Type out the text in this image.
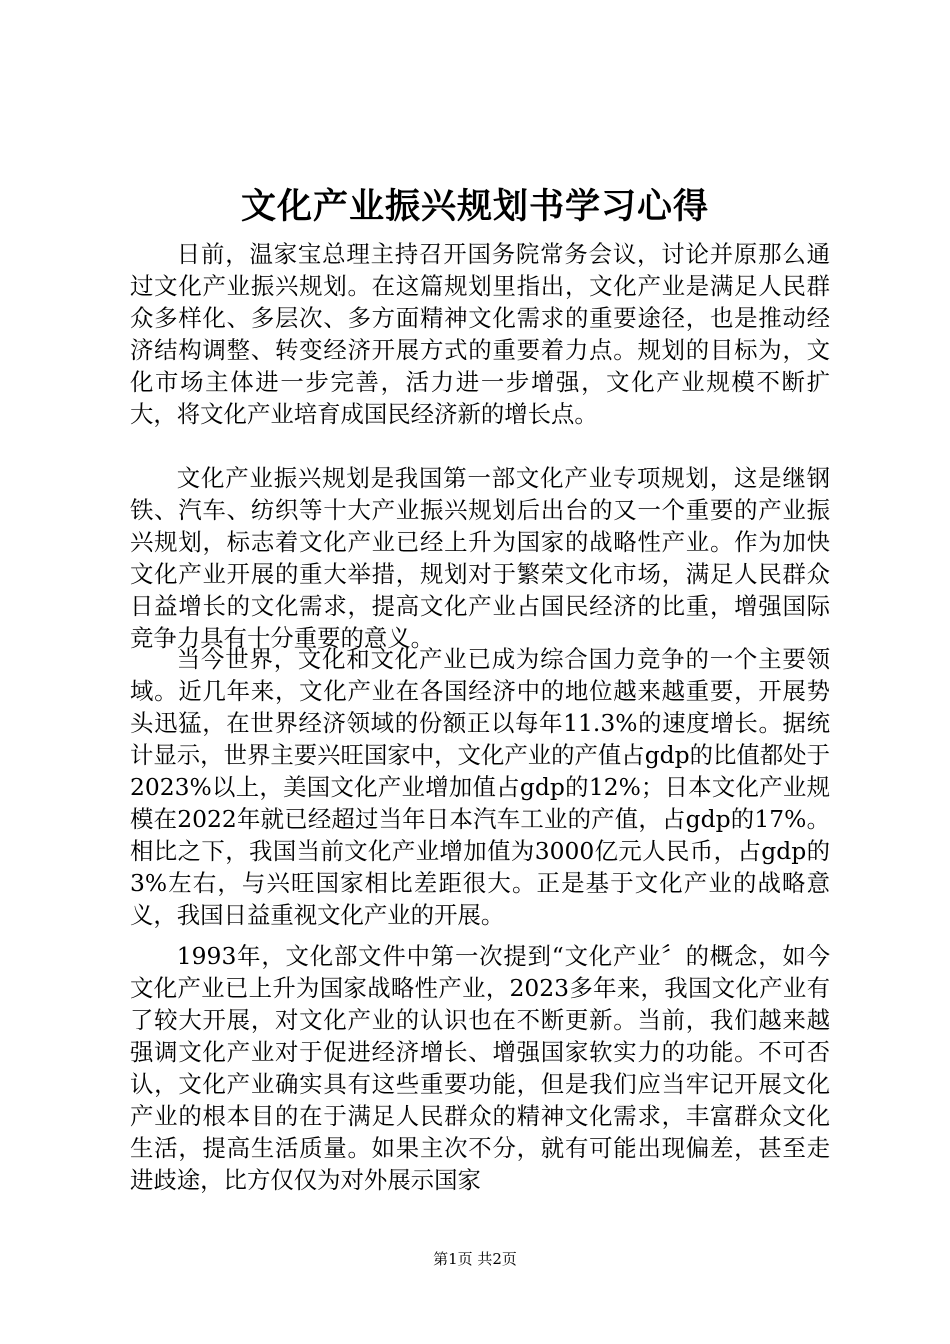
文化产业振兴规划书学习心得

日前，温家宝总理主持召开国务院常务会议，讨论并原那么通过文化产业振兴规划。在这篇规划里指出，文化产业是满足人民群众多样化、多层次、多方面精神文化需求的重要途径，也是推动经济结构调整、转变经济开展方式的重要着力点。规划的目标为，文化市场主体进一步完善，活力进一步增强，文化产业规模不断扩大，将文化产业培育成国民经济新的增长点。

文化产业振兴规划是我国第一部文化产业专项规划，这是继钢铁、汽车、纺织等十大产业振兴规划后出台的又一个重要的产业振兴规划，标志着文化产业已经上升为国家的战略性产业。作为加快文化产业开展的重大举措，规划对于繁荣文化市场，满足人民群众日益增长的文化需求，提高文化产业占国民经济的比重，增强国际竞争力具有十分重要的意义。

当今世界，文化和文化产业已成为综合国力竞争的一个主要领域。近几年来，文化产业在各国经济中的地位越来越重要，开展势头迅猛，在世界经济领域的份额正以每年11.3%的速度增长。据统计显示，世界主要兴旺国家中，文化产业的产值占gdp的比值都处于2023%以上，美国文化产业增加值占gdp的12%；日本文化产业规模在2022年就已经超过当年日本汽车工业的产值，占gdp的17%。相比之下，我国当前文化产业增加值为3000亿元人民币，占gdp的3%左右，与兴旺国家相比差距很大。正是基于文化产业的战略意义，我国日益重视文化产业的开展。

1993年，文化部文件中第一次提到“文化产业〞的概念，如今文化产业已上升为国家战略性产业，2023多年来，我国文化产业有了较大开展，对文化产业的认识也在不断更新。当前，我们越来越强调文化产业对于促进经济增长、增强国家软实力的功能。不可否认，文化产业确实具有这些重要功能，但是我们应当牢记开展文化产业的根本目的在于满足人民群众的精神文化需求，丰富群众文化生活，提高生活质量。如果主次不分，就有可能出现偏差，甚至走进歧途，比方仅仅为对外展示国家

第1页 共2页
